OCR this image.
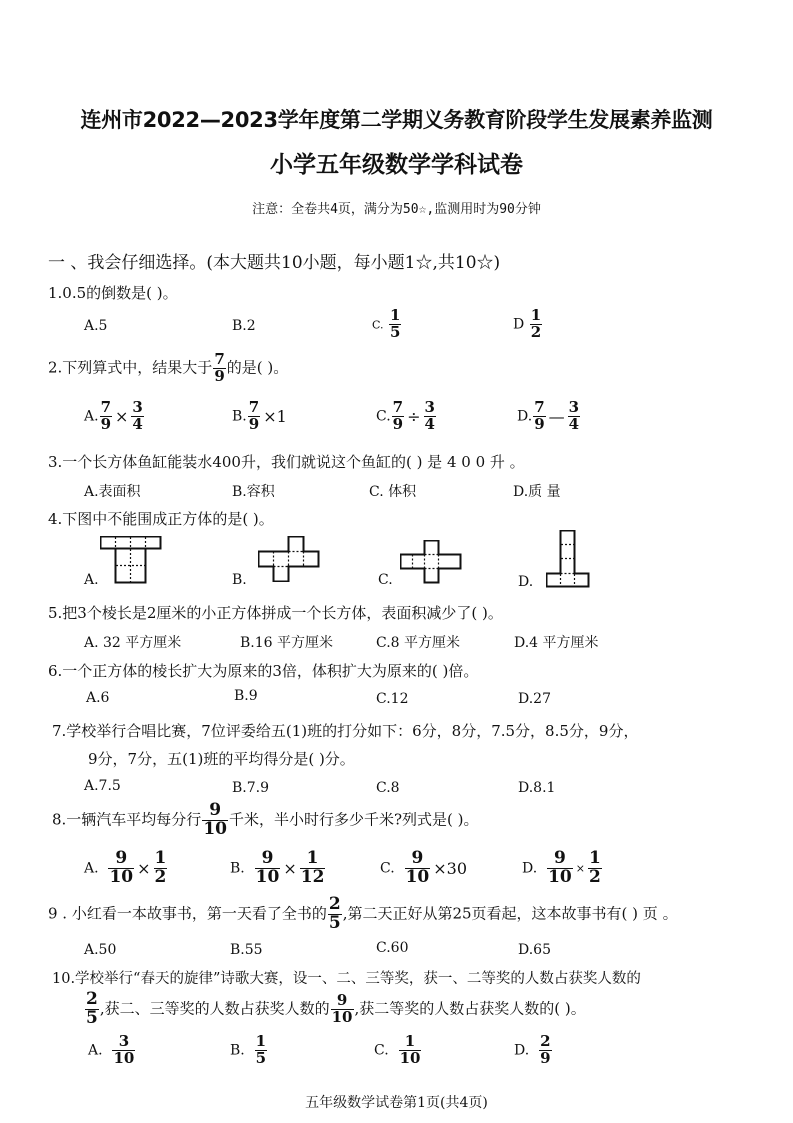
连州市2022—2023学年度第二学期义务教育阶段学生发展素养监测
小学五年级数学学科试卷
注意：全卷共4页，满分为50☆,监测用时为90分钟
一 、我会仔细选择。(本大题共10小题，每小题1☆,共10☆)
1.0.5的倒数是( )。
A.5	B.2	C. $\frac{1}{5}$	D $\frac{1}{2}$
2.下列算式中，结果大于 $\frac{7}{9}$ 的是( )。
A. $\frac{7}{9} \times \frac{3}{4}$	B. $\frac{7}{9} \times 1$	C. $\frac{7}{9} \div \frac{3}{4}$	D. $\frac{7}{9}$ — $\frac{3}{4}$
3.一个长方体鱼缸能装水400升，我们就说这个鱼缸的( ) 是 4 0 0 升 。
A.表面积	B.容积	C. 体积	D.质 量
4.下图中不能围成正方体的是( )。
A.	B.	C.	D.
5.把3个棱长是2厘米的小正方体拼成一个长方体，表面积减少了( )。
A. 32 平方厘米	B.16 平方厘米	C.8 平方厘米	D.4 平方厘米
6.一个正方体的棱长扩大为原来的3倍，体积扩大为原来的( )倍。
A.6	B.9	C.12	D.27
7.学校举行合唱比赛，7位评委给五(1)班的打分如下：6分，8分，7.5分，8.5分，9分，
9分，7分，五(1)班的平均得分是( )分。
A.7.5	B.7.9	C.8	D.8.1
8.一辆汽车平均每分行 $\frac{9}{10}$ 千米，半小时行多少千米?列式是( )。
A. $\frac{9}{10} \times \frac{1}{2}$	B. $\frac{9}{10} \times \frac{1}{12}$	C. $\frac{9}{10} \times 30$	D. $\frac{9}{10} \times \frac{1}{2}$
9 . 小红看一本故事书，第一天看了全书的 $\frac{2}{5}$ ,第二天正好从第25页看起，这本故事书有( ) 页 。
A.50	B.55	C.60	D.65
10.学校举行“春天的旋律”诗歌大赛，设一、二、三等奖，获一、二等奖的人数占获奖人数的
$\frac{2}{5}$ ,获二、三等奖的人数占获奖人数的 $\frac{9}{10}$ ,获二等奖的人数占获奖人数的( )。
A. $\frac{3}{10}$	B. $\frac{1}{5}$	C. $\frac{1}{10}$	D. $\frac{2}{9}$
五年级数学试卷第1页(共4页)
